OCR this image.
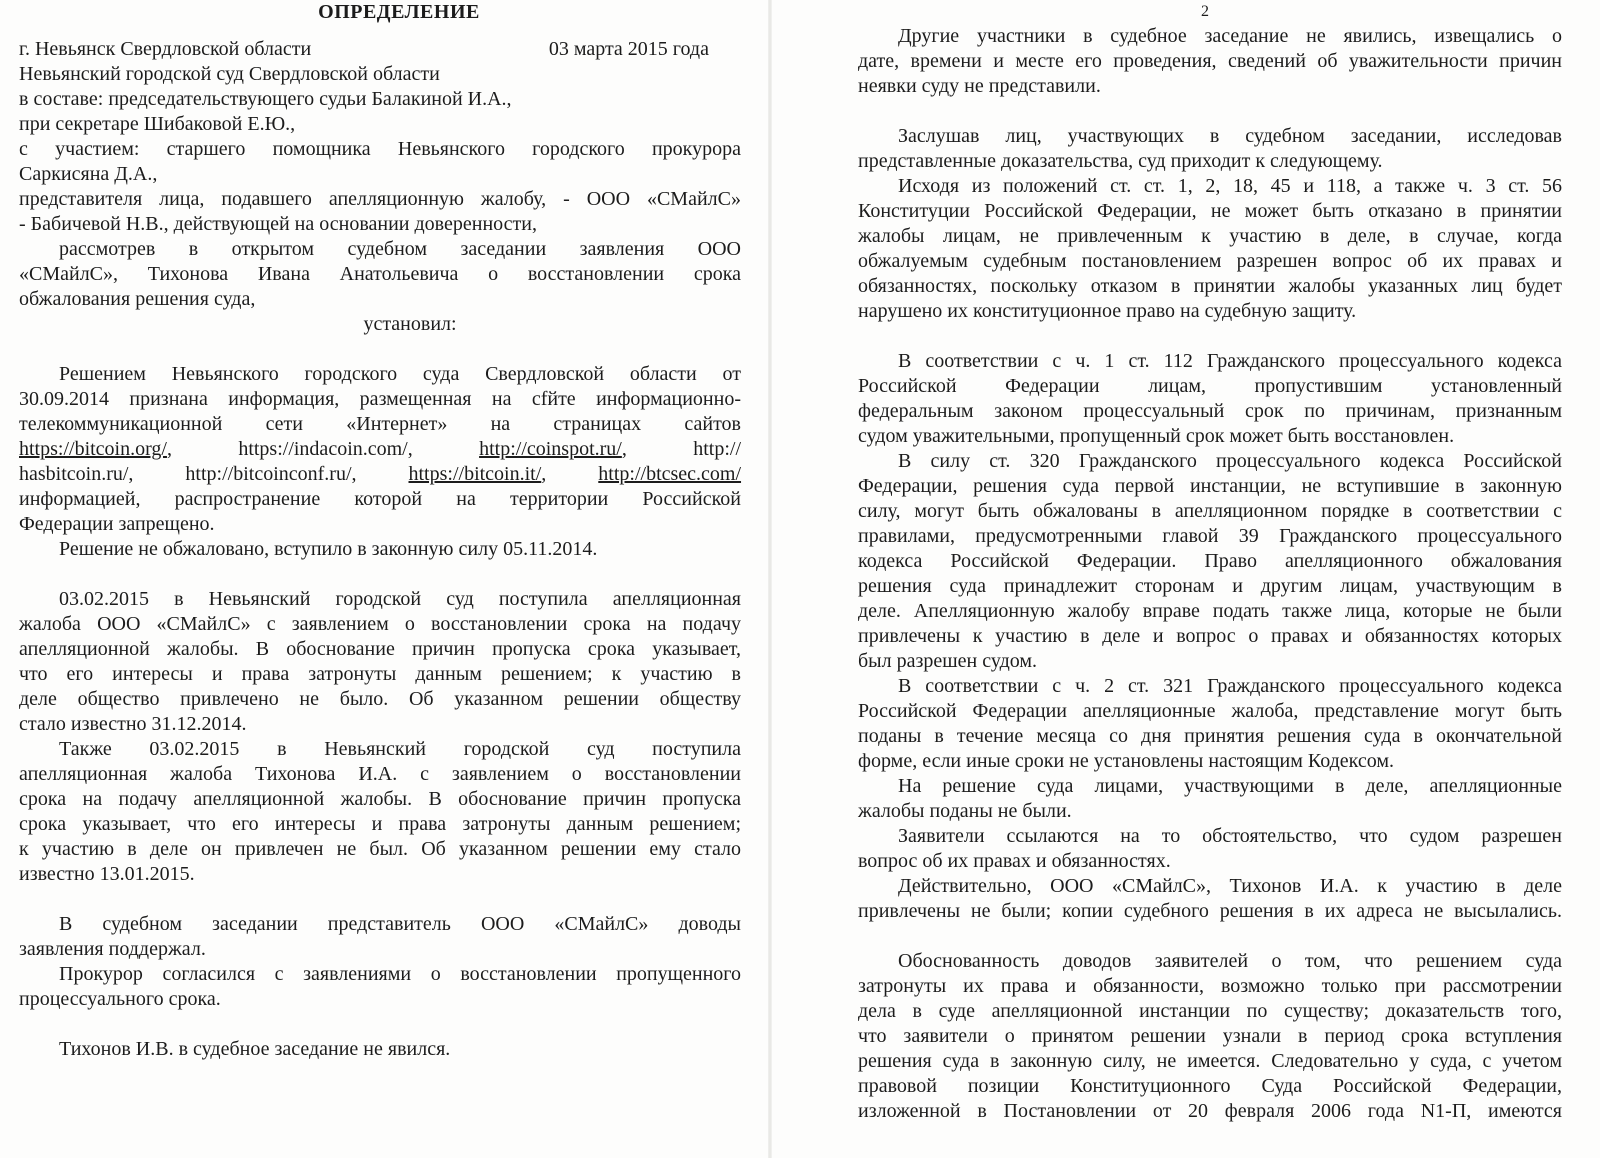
ОПРЕДЕЛЕНИЕ
г. Невьянск Свердловской области	03 марта 2015 года
Невьянский городской суд Свердловской области
в составе: председательствующего судьи Балакиной И.А.,
при секретаре Шибаковой Е.Ю.,
с участием: старшего помощника Невьянского городского прокурора
Саркисяна Д.А.,
представителя лица, подавшего апелляционную жалобу, - ООО «СМайлС»
- Бабичевой Н.В., действующей на основании доверенности,
рассмотрев в открытом судебном заседании заявления ООО
«СМайлС», Тихонова Ивана Анатольевича о восстановлении срока
обжалования решения суда,
установил:
Решением Невьянского городского суда Свердловской области от
30.09.2014 признана информация, размещенная на сfйте информационно-
телекоммуникационной сети «Интернет» на страницах сайтов
https://bitcoin.org/,	https://indacoin.com/,	http://coinspot.ru/,	http://
hasbitcoin.ru/,	http://bitcoinconf.ru/,	https://bitcoin.it/,	http://btcsec.com/
информацией, распространение которой на территории Российской
Федерации запрещено.
Решение не обжаловано, вступило в законную силу 05.11.2014.
03.02.2015 в Невьянский городской суд поступила апелляционная
жалоба ООО «СМайлС» с заявлением о восстановлении срока на подачу
апелляционной жалобы. В обоснование причин пропуска срока указывает,
что его интересы и права затронуты данным решением; к участию в
деле общество привлечено не было. Об указанном решении обществу
стало известно 31.12.2014.
Также 03.02.2015 в Невьянский городской суд поступила
апелляционная жалоба Тихонова И.А. с заявлением о восстановлении
срока на подачу апелляционной жалобы. В обоснование причин пропуска
срока указывает, что его интересы и права затронуты данным решением;
к участию в деле он привлечен не был. Об указанном решении ему стало
известно 13.01.2015.
В судебном заседании представитель ООО «СМайлС» доводы
заявления поддержал.
Прокурор согласился с заявлениями о восстановлении пропущенного
процессуального срока.
Тихонов И.В. в судебное заседание не явился.
2
Другие участники в судебное заседание не явились, извещались о
дате, времени и месте его проведения, сведений об уважительности причин
неявки суду не представили.
Заслушав лиц, участвующих в судебном заседании, исследовав
представленные доказательства, суд приходит к следующему.
Исходя из положений ст. ст. 1, 2, 18, 45 и 118, а также ч. 3 ст. 56
Конституции Российской Федерации, не может быть отказано в принятии
жалобы лицам, не привлеченным к участию в деле, в случае, когда
обжалуемым судебным постановлением разрешен вопрос об их правах и
обязанностях, поскольку отказом в принятии жалобы указанных лиц будет
нарушено их конституционное право на судебную защиту.
В соответствии с ч. 1 ст. 112 Гражданского процессуального кодекса
Российской Федерации лицам, пропустившим установленный
федеральным законом процессуальный срок по причинам, признанным
судом уважительными, пропущенный срок может быть восстановлен.
В силу ст. 320 Гражданского процессуального кодекса Российской
Федерации, решения суда первой инстанции, не вступившие в законную
силу, могут быть обжалованы в апелляционном порядке в соответствии с
правилами, предусмотренными главой 39 Гражданского процессуального
кодекса Российской Федерации. Право апелляционного обжалования
решения суда принадлежит сторонам и другим лицам, участвующим в
деле. Апелляционную жалобу вправе подать также лица, которые не были
привлечены к участию в деле и вопрос о правах и обязанностях которых
был разрешен судом.
В соответствии с ч. 2 ст. 321 Гражданского процессуального кодекса
Российской Федерации апелляционные жалоба, представление могут быть
поданы в течение месяца со дня принятия решения суда в окончательной
форме, если иные сроки не установлены настоящим Кодексом.
На решение суда лицами, участвующими в деле, апелляционные
жалобы поданы не были.
Заявители ссылаются на то обстоятельство, что судом разрешен
вопрос об их правах и обязанностях.
Действительно, ООО «СМайлС», Тихонов И.А. к участию в деле
привлечены не были; копии судебного решения в их адреса не высылались.
Обоснованность доводов заявителей о том, что решением суда
затронуты их права и обязанности, возможно только при рассмотрении
дела в суде апелляционной инстанции по существу; доказательств того,
что заявители о принятом решении узнали в период срока вступления
решения суда в законную силу, не имеется. Следовательно у суда, с учетом
правовой позиции Конституционного Суда Российской Федерации,
изложенной в Постановлении от 20 февраля 2006 года N1-П, имеются
